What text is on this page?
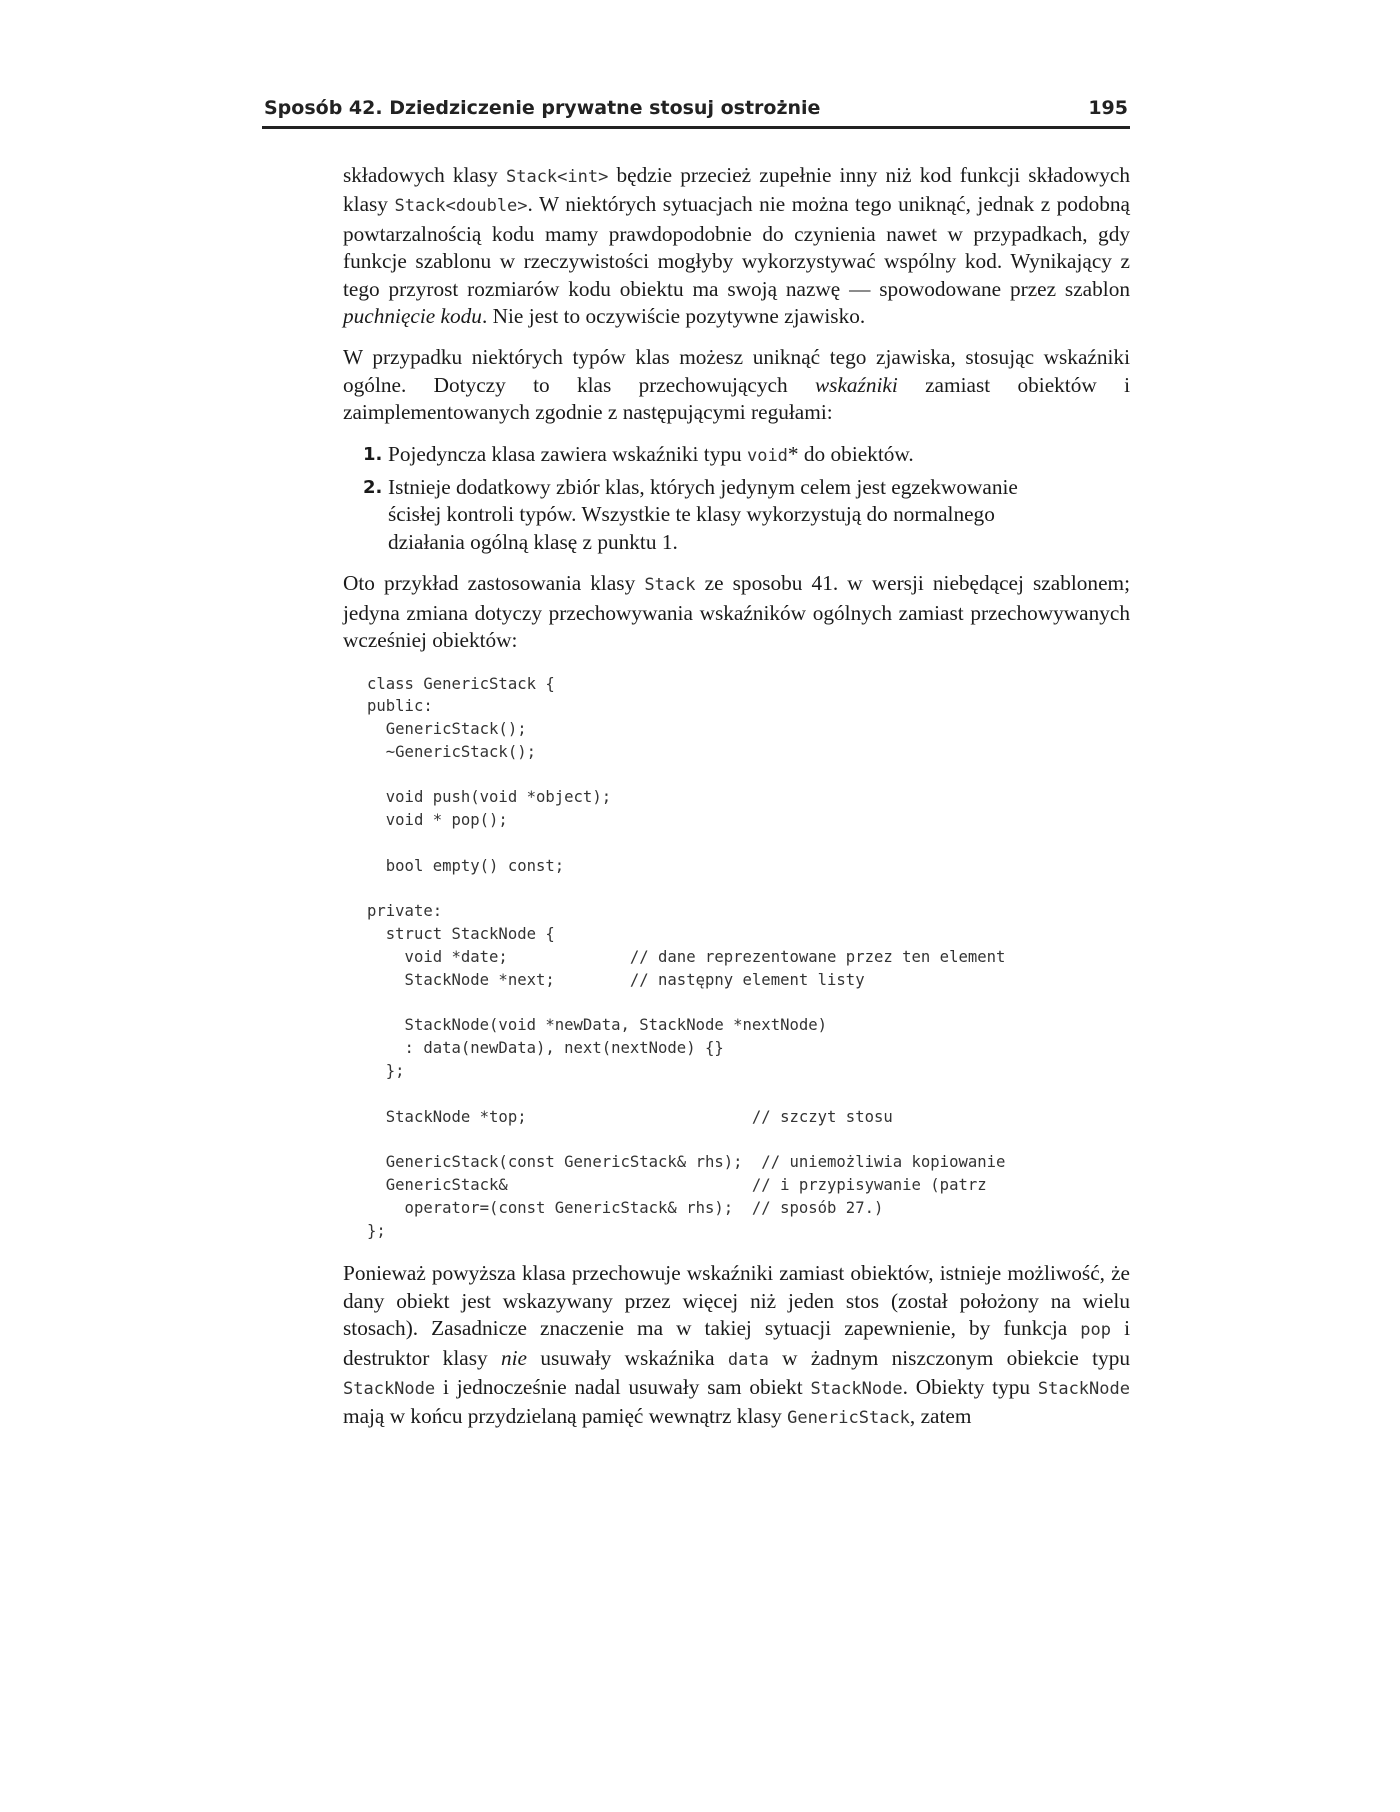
Sposób 42. Dziedziczenie prywatne stosuj ostrożnie	195

składowych klasy Stack<int> będzie przecież zupełnie inny niż kod funkcji składowych klasy Stack<double>. W niektórych sytuacjach nie można tego uniknąć, jednak z podobną powtarzalnością kodu mamy prawdopodobnie do czynienia nawet w przypadkach, gdy funkcje szablonu w rzeczywistości mogłyby wykorzystywać wspólny kod. Wynikający z tego przyrost rozmiarów kodu obiektu ma swoją nazwę — spowodowane przez szablon puchnięcie kodu. Nie jest to oczywiście pozytywne zjawisko.

W przypadku niektórych typów klas możesz uniknąć tego zjawiska, stosując wskaźniki ogólne. Dotyczy to klas przechowujących wskaźniki zamiast obiektów i zaimplementowanych zgodnie z następującymi regułami:

1. Pojedyncza klasa zawiera wskaźniki typu void* do obiektów.
2. Istnieje dodatkowy zbiór klas, których jedynym celem jest egzekwowanie ścisłej kontroli typów. Wszystkie te klasy wykorzystują do normalnego działania ogólną klasę z punktu 1.

Oto przykład zastosowania klasy Stack ze sposobu 41. w wersji niebędącej szablonem; jedyna zmiana dotyczy przechowywania wskaźników ogólnych zamiast przechowywanych wcześniej obiektów:

class GenericStack {
public:
GenericStack();
~GenericStack();

void push(void *object);
void * pop();

bool empty() const;

private:
struct StackNode {
void *date;             // dane reprezentowane przez ten element
StackNode *next;        // następny element listy

StackNode(void *newData, StackNode *nextNode)
: data(newData), next(nextNode) {}
};

StackNode *top;                        // szczyt stosu

GenericStack(const GenericStack& rhs);  // uniemożliwia kopiowanie
GenericStack&                          // i przypisywanie (patrz
operator=(const GenericStack& rhs);  // sposób 27.)
};

Ponieważ powyższa klasa przechowuje wskaźniki zamiast obiektów, istnieje możliwość, że dany obiekt jest wskazywany przez więcej niż jeden stos (został położony na wielu stosach). Zasadnicze znaczenie ma w takiej sytuacji zapewnienie, by funkcja pop i destruktor klasy nie usuwały wskaźnika data w żadnym niszczonym obiekcie typu StackNode i jednocześnie nadal usuwały sam obiekt StackNode. Obiekty typu StackNode mają w końcu przydzielaną pamięć wewnątrz klasy GenericStack, zatem
